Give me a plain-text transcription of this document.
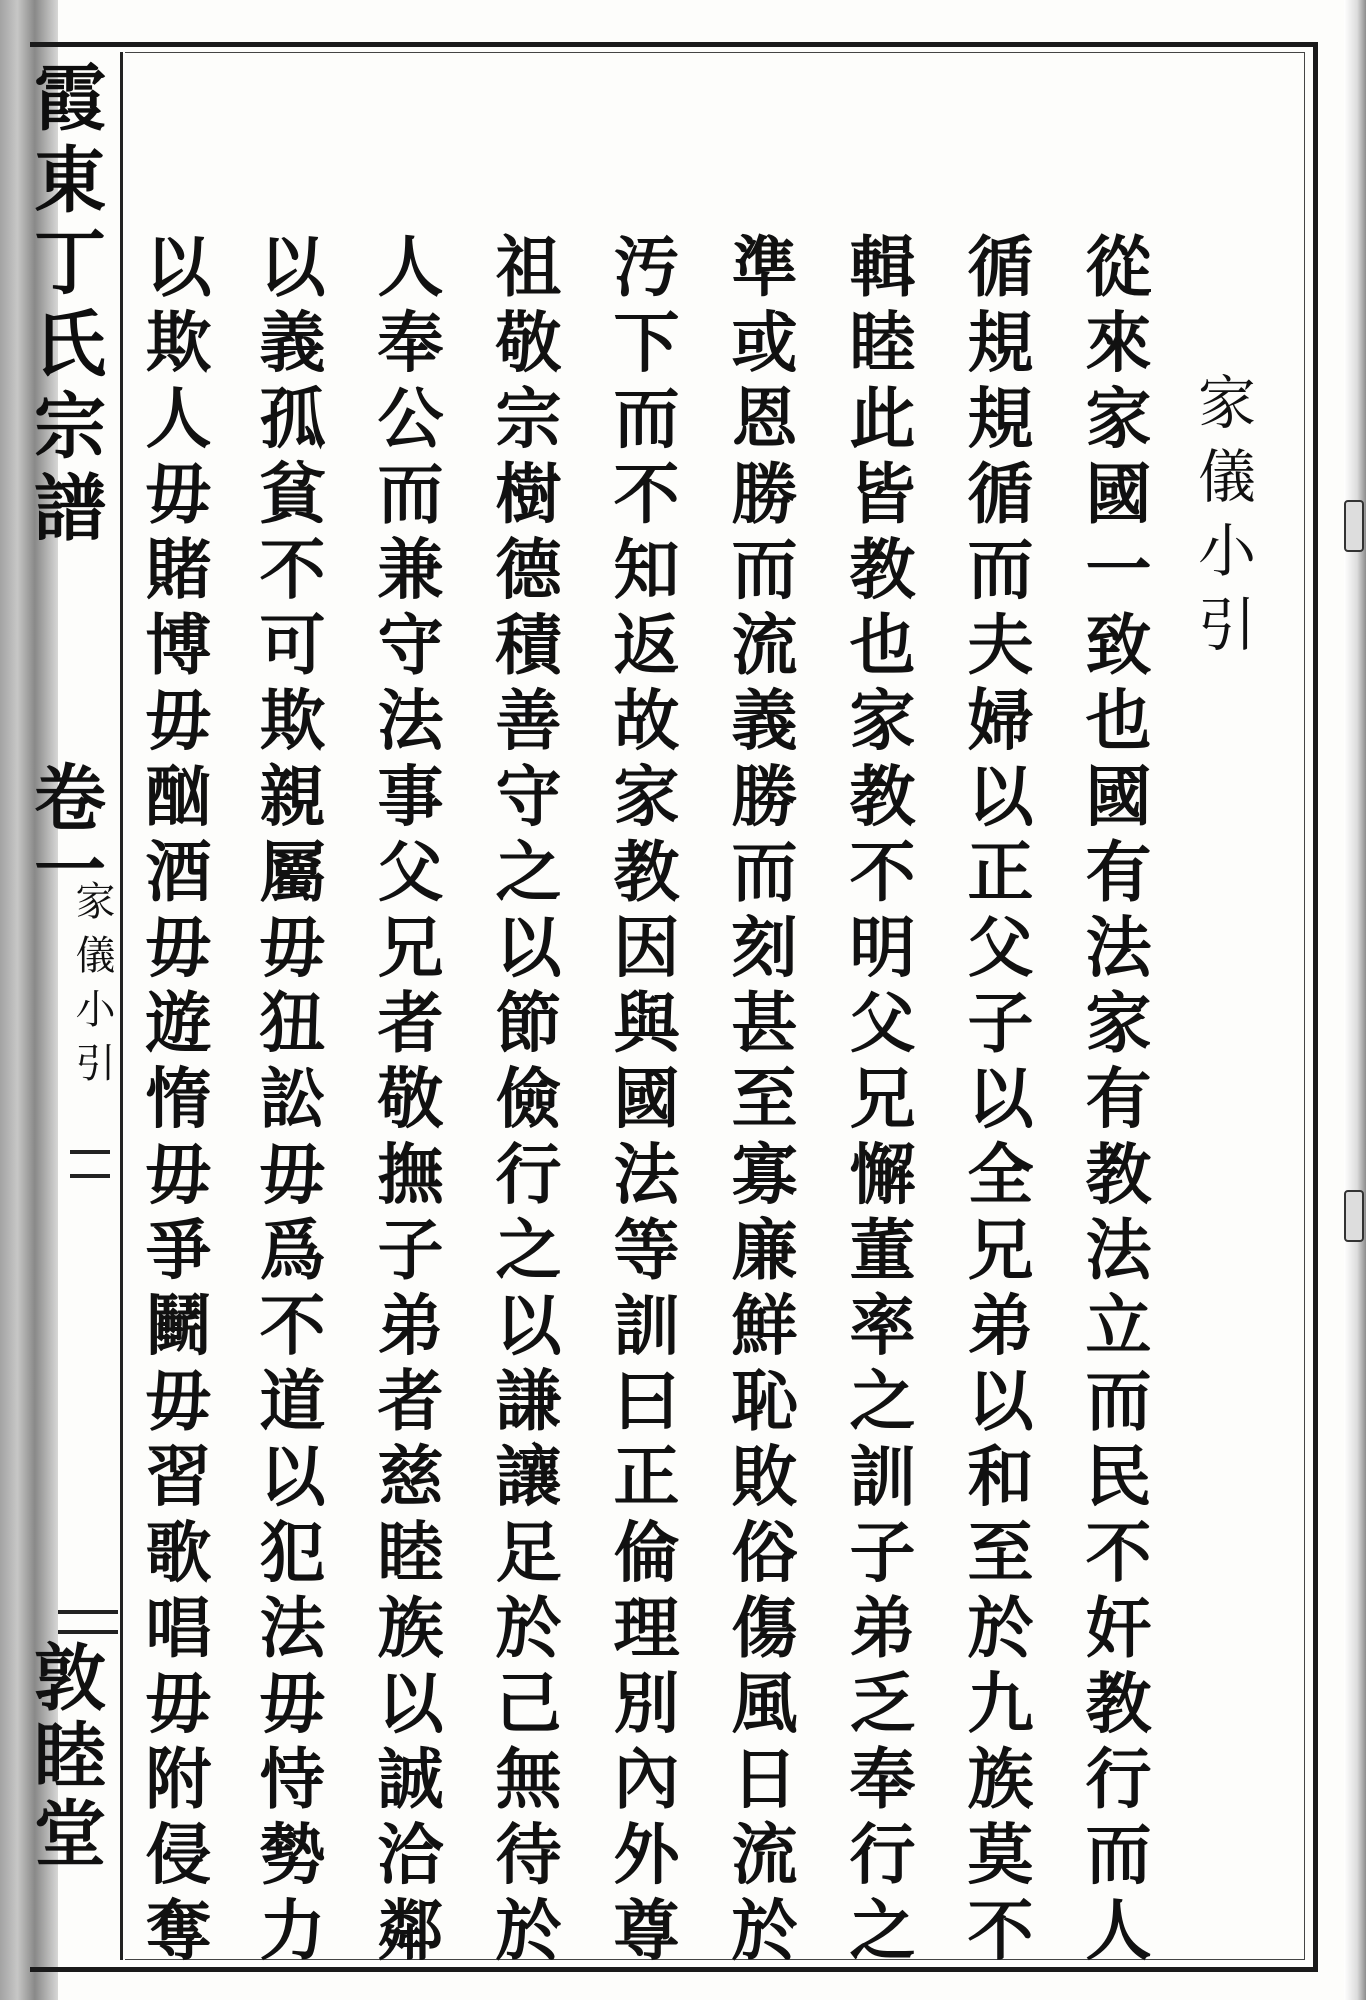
霞東丁氏宗譜
卷一
家儀小引
敦睦堂
家儀小引
從來家國一致也國有法家有教法立而民不奸教行而人
循規規循而夫婦以正父子以全兄弟以和至於九族莫不
輯睦此皆教也家教不明父兄懈董率之訓子弟乏奉行之
準或恩勝而流義勝而刻甚至寡廉鮮恥敗俗傷風日流於
汚下而不知返故家教因與國法等訓曰正倫理別內外尊
祖敬宗樹德積善守之以節儉行之以謙讓足於己無待於
人奉公而兼守法事父兄者敬撫子弟者慈睦族以誠洽鄰
以義孤貧不可欺親屬毋狃訟毋爲不道以犯法毋恃勢力
以欺人毋賭博毋酗酒毋遊惰毋爭鬭毋習歌唱毋附侵奪
